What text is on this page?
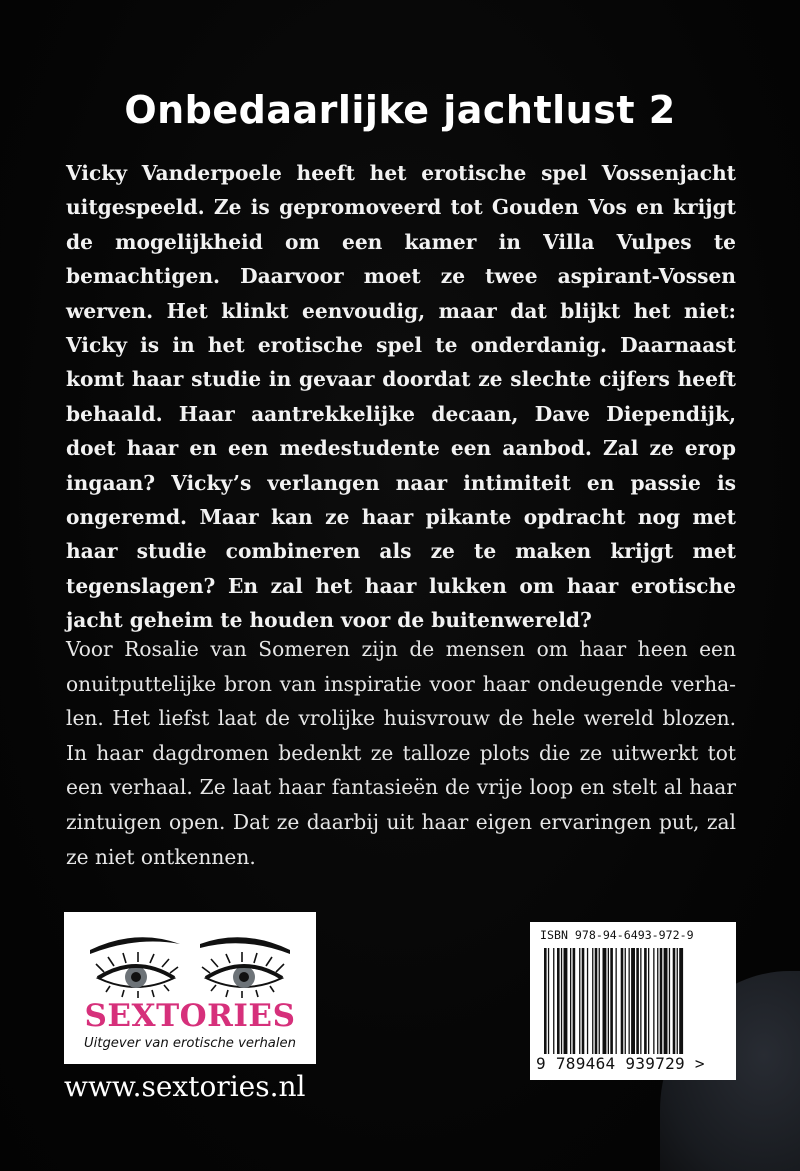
Onbedaarlijke jachtlust 2

Vicky Vanderpoele heeft het erotische spel Vossenjacht uitgespeeld. Ze is gepromoveerd tot Gouden Vos en krijgt de mogelijkheid om een kamer in Villa Vulpes te bemachtigen. Daarvoor moet ze twee aspirant-Vossen werven. Het klinkt eenvoudig, maar dat blijkt het niet: Vicky is in het erotische spel te onderdanig. Daarnaast komt haar studie in gevaar doordat ze slechte cijfers heeft behaald. Haar aantrekkelijke decaan, Dave Diependijk, doet haar en een medestudente een aanbod. Zal ze erop ingaan? Vicky’s verlangen naar intimiteit en passie is ongeremd. Maar kan ze haar pikante opdracht nog met haar studie combineren als ze te maken krijgt met tegenslagen? En zal het haar lukken om haar erotische jacht geheim te houden voor de buitenwereld?

Voor Rosalie van Someren zijn de mensen om haar heen een onuitputtelijke bron van inspiratie voor haar ondeugende verhalen. Het liefst laat de vrolijke huisvrouw de hele wereld blozen. In haar dagdromen bedenkt ze talloze plots die ze uitwerkt tot een verhaal. Ze laat haar fantasieën de vrije loop en stelt al haar zintuigen open. Dat ze daarbij uit haar eigen ervaringen put, zal ze niet ontkennen.

SEXTORIES
Uitgever van erotische verhalen
www.sextories.nl
ISBN 978-94-6493-972-9
9 789464 939729 >
